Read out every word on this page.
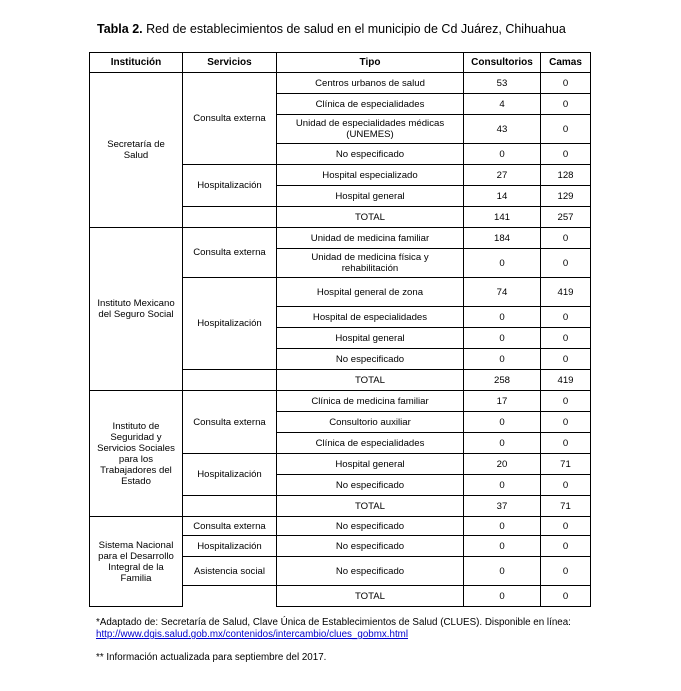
Tabla 2. Red de establecimientos de salud en el municipio de Cd Juárez, Chihuahua
Institución	Servicios	Tipo	Consultorios	Camas
Secretaría de Salud	Consulta externa	Centros urbanos de salud	53	0
		Clínica de especialidades	4	0
		Unidad de especialidades médicas (UNEMES)	43	0
		No especificado	0	0
	Hospitalización	Hospital especializado	27	128
		Hospital general	14	129
		TOTAL	141	257
Instituto Mexicano del Seguro Social	Consulta externa	Unidad de medicina familiar	184	0
		Unidad de medicina física y rehabilitación	0	0
	Hospitalización	Hospital general de zona	74	419
		Hospital de especialidades	0	0
		Hospital general	0	0
		No especificado	0	0
		TOTAL	258	419
Instituto de Seguridad y Servicios Sociales para los Trabajadores del Estado	Consulta externa	Clínica de medicina familiar	17	0
		Consultorio auxiliar	0	0
		Clínica de especialidades	0	0
	Hospitalización	Hospital general	20	71
		No especificado	0	0
		TOTAL	37	71
Sistema Nacional para el Desarrollo Integral de la Familia	Consulta externa	No especificado	0	0
	Hospitalización	No especificado	0	0
	Asistencia social	No especificado	0	0
		TOTAL	0	0

*Adaptado de: Secretaría de Salud, Clave Única de Establecimientos de Salud (CLUES). Disponible en línea:

http://www.dgis.salud.gob.mx/contenidos/intercambio/clues_gobmx.html

** Información actualizada para septiembre del 2017.
